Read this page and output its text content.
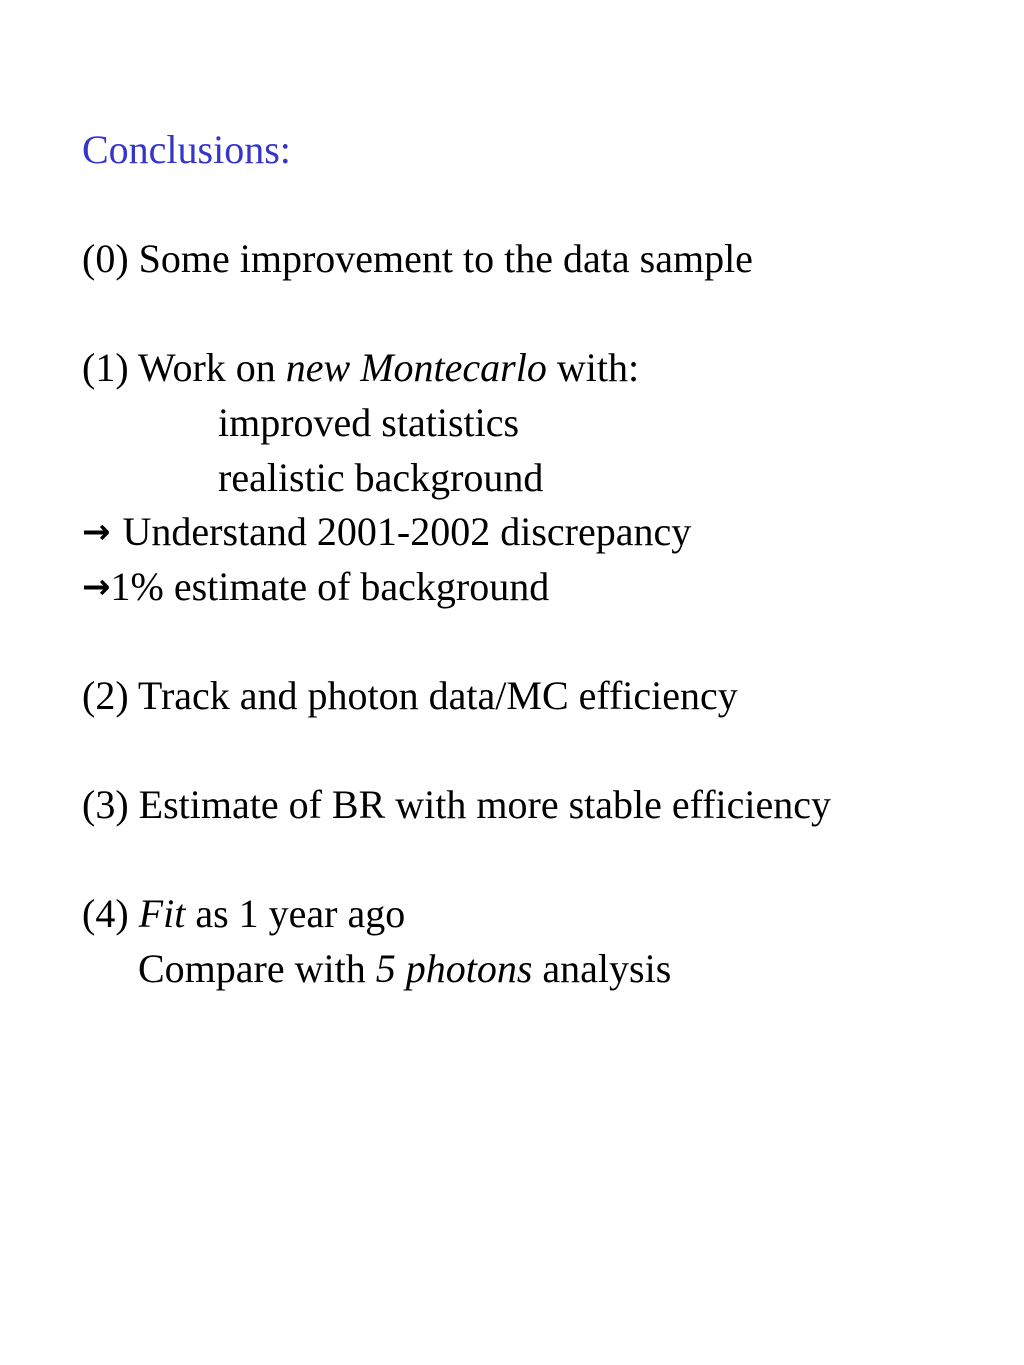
Conclusions:
(0) Some improvement to the data sample
(1) Work on new Montecarlo with:
improved statistics
realistic background
→ Understand 2001-2002 discrepancy
→1% estimate of background
(2) Track and photon data/MC efficiency
(3) Estimate of BR with more stable efficiency
(4) Fit as 1 year ago
Compare with 5 photons analysis
